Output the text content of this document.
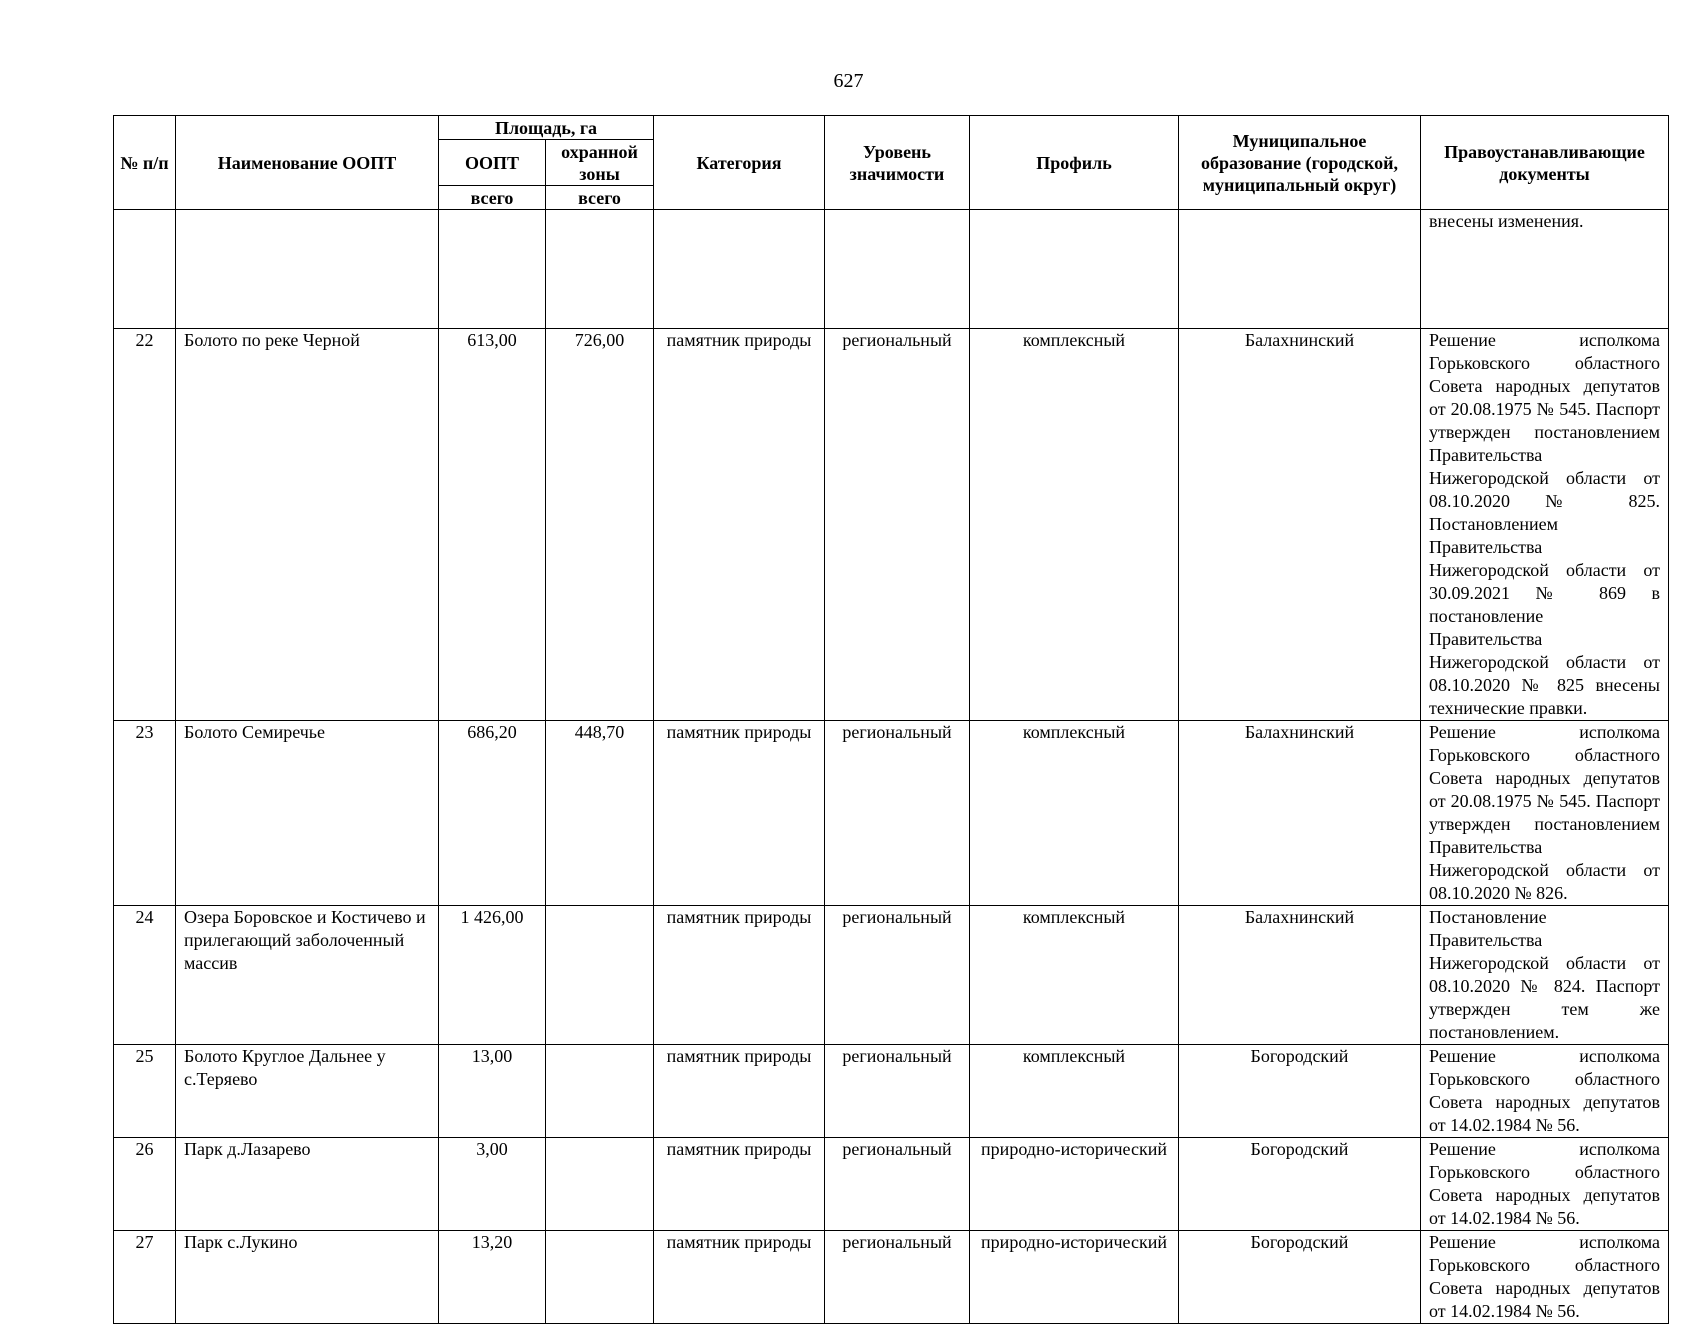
627
№ п/п	Наименование ООПТ	Площадь, га		Категория	Уровень значимости	Профиль	Муниципальное образование (городской, муниципальный округ)	Правоустанавливающие документы
		ООПТ	охранной зоны					
		всего	всего					
								внесены изменения.
22	Болото по реке Черной	613,00	726,00	памятник природы	региональный	комплексный	Балахнинский	Решение исполкома Горьковского областного Совета народных депутатов от 20.08.1975 № 545. Паспорт утвержден постановлением Правительства Нижегородской области от 08.10.2020 № 825. Постановлением Правительства Нижегородской области от 30.09.2021 № 869 в постановление Правительства Нижегородской области от 08.10.2020 № 825 внесены технические правки.
23	Болото Семиречье	686,20	448,70	памятник природы	региональный	комплексный	Балахнинский	Решение исполкома Горьковского областного Совета народных депутатов от 20.08.1975 № 545. Паспорт утвержден постановлением Правительства Нижегородской области от 08.10.2020 № 826.
24	Озера Боровское и Костичево и прилегающий заболоченный массив	1 426,00		памятник природы	региональный	комплексный	Балахнинский	Постановление Правительства Нижегородской области от 08.10.2020 № 824. Паспорт утвержден тем же постановлением.
25	Болото Круглое Дальнее у с.Теряево	13,00		памятник природы	региональный	комплексный	Богородский	Решение исполкома Горьковского областного Совета народных депутатов от 14.02.1984 № 56.
26	Парк д.Лазарево	3,00		памятник природы	региональный	природно-исторический	Богородский	Решение исполкома Горьковского областного Совета народных депутатов от 14.02.1984 № 56.
27	Парк с.Лукино	13,20		памятник природы	региональный	природно-исторический	Богородский	Решение исполкома Горьковского областного Совета народных депутатов от 14.02.1984 № 56.
